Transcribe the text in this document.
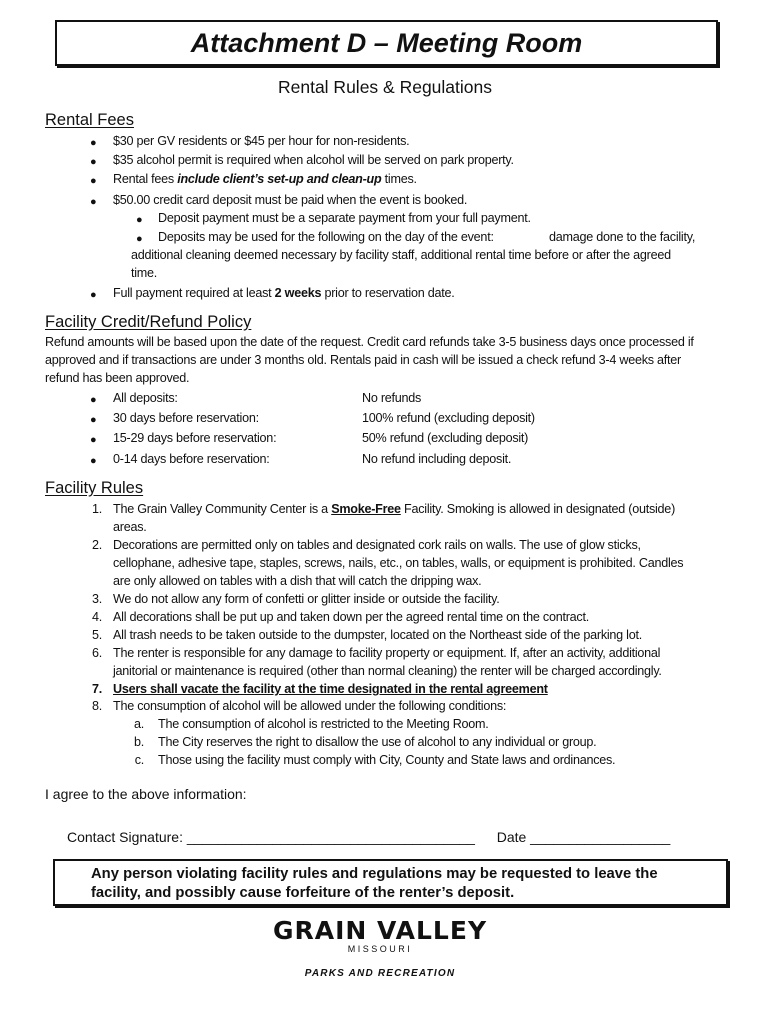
Attachment D – Meeting Room
Rental Rules & Regulations
Rental Fees
● $30 per GV residents or $45 per hour for non-residents.
● $35 alcohol permit is required when alcohol will be served on park property.
● Rental fees include client’s set-up and clean-up times.
● $50.00 credit card deposit must be paid when the event is booked.
● Deposit payment must be a separate payment from your full payment.
● Deposits may be used for the following on the day of the event:	damage done to the facility,
additional cleaning deemed necessary by facility staff, additional rental time before or after the agreed
time.
● Full payment required at least 2 weeks prior to reservation date.
Facility Credit/Refund Policy
Refund amounts will be based upon the date of the request. Credit card refunds take 3-5 business days once processed if
approved and if transactions are under 3 months old. Rentals paid in cash will be issued a check refund 3-4 weeks after
refund has been approved.
● All deposits:	No refunds
● 30 days before reservation:	100% refund (excluding deposit)
● 15-29 days before reservation:	50% refund (excluding deposit)
● 0-14 days before reservation:	No refund including deposit.
Facility Rules
1. The Grain Valley Community Center is a Smoke-Free Facility. Smoking is allowed in designated (outside)
areas.
2. Decorations are permitted only on tables and designated cork rails on walls. The use of glow sticks,
cellophane, adhesive tape, staples, screws, nails, etc., on tables, walls, or equipment is prohibited. Candles
are only allowed on tables with a dish that will catch the dripping wax.
3. We do not allow any form of confetti or glitter inside or outside the facility.
4. All decorations shall be put up and taken down per the agreed rental time on the contract.
5. All trash needs to be taken outside to the dumpster, located on the Northeast side of the parking lot.
6. The renter is responsible for any damage to facility property or equipment. If, after an activity, additional
janitorial or maintenance is required (other than normal cleaning) the renter will be charged accordingly.
7. Users shall vacate the facility at the time designated in the rental agreement
8. The consumption of alcohol will be allowed under the following conditions:
a. The consumption of alcohol is restricted to the Meeting Room.
b. The City reserves the right to disallow the use of alcohol to any individual or group.
c. Those using the facility must comply with City, County and State laws and ordinances.
I agree to the above information:
Contact Signature: _____________________________________ Date __________________
Any person violating facility rules and regulations may be requested to leave the
facility, and possibly cause forfeiture of the renter’s deposit.
GRAIN VALLEY
MISSOURI
PARKS AND RECREATION
